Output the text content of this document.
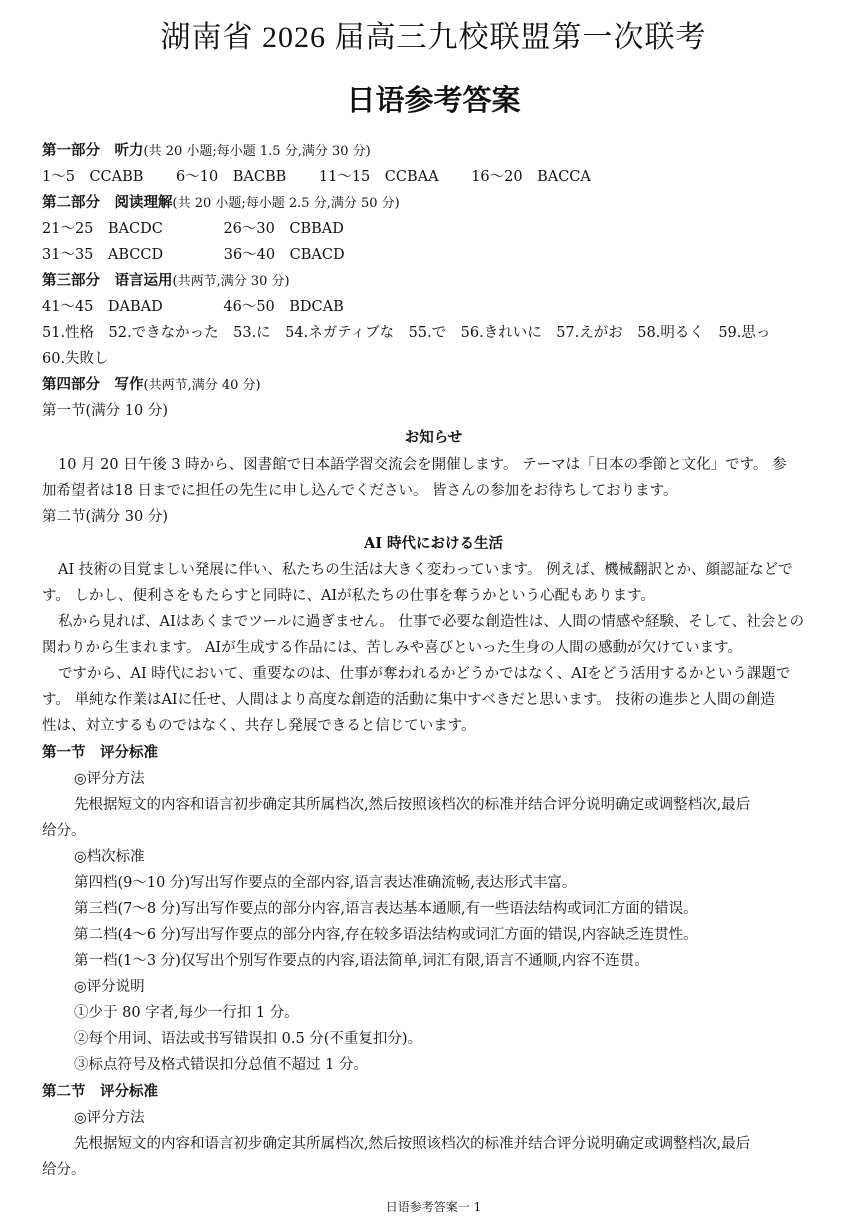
湖南省 2026 届高三九校联盟第一次联考
日语参考答案
第一部分　听力(共 20 小题;每小题 1.5 分,满分 30 分)
1～5　CCABB 6～10　BACBB 11～15　CCBAA 16～20　BACCA
第二部分　阅读理解(共 20 小题;每小题 2.5 分,满分 50 分)
21～25　BACDC	26～30　CBBAD
31～35　ABCCD	36～40　CBACD
第三部分　语言运用(共两节,满分 30 分)
41～45　DABAD	46～50　BDCAB
51.性格　52.できなかった　53.に　54.ネガティブな　55.で　56.きれいに　57.えがお　58.明るく　59.思っ
60.失敗し
第四部分　写作(共两节,满分 40 分)
第一节(满分 10 分)
お知らせ
10 月 20 日午後 3 時から、図書館で日本語学習交流会を開催します。 テーマは「日本の季節と文化」です。 参
加希望者は18 日までに担任の先生に申し込んでください。 皆さんの参加をお待ちしております。
第二节(满分 30 分)
AI 時代における生活
AI 技術の目覚ましい発展に伴い、私たちの生活は大きく変わっています。 例えば、機械翻訳とか、顔認証などで
す。 しかし、便利さをもたらすと同時に、AIが私たちの仕事を奪うかという心配もあります。
私から見れば、AIはあくまでツールに過ぎません。 仕事で必要な創造性は、人間の情感や経験、そして、社会との
関わりから生まれます。 AIが生成する作品には、苦しみや喜びといった生身の人間の感動が欠けています。
ですから、AI 時代において、重要なのは、仕事が奪われるかどうかではなく、AIをどう活用するかという課題で
す。 単純な作業はAIに任せ、人間はより高度な創造的活動に集中すべきだと思います。 技術の進歩と人間の創造
性は、対立するものではなく、共存し発展できると信じています。
第一节　评分标准
◎评分方法
先根据短文的内容和语言初步确定其所属档次,然后按照该档次的标准并结合评分说明确定或调整档次,最后
给分。
◎档次标准
第四档(9～10 分)写出写作要点的全部内容,语言表达准确流畅,表达形式丰富。
第三档(7～8 分)写出写作要点的部分内容,语言表达基本通顺,有一些语法结构或词汇方面的错误。
第二档(4～6 分)写出写作要点的部分内容,存在较多语法结构或词汇方面的错误,内容缺乏连贯性。
第一档(1～3 分)仅写出个别写作要点的内容,语法简单,词汇有限,语言不通顺,内容不连贯。
◎评分说明
①少于 80 字者,每少一行扣 1 分。
②每个用词、语法或书写错误扣 0.5 分(不重复扣分)。
③标点符号及格式错误扣分总值不超过 1 分。
第二节　评分标准
◎评分方法
先根据短文的内容和语言初步确定其所属档次,然后按照该档次的标准并结合评分说明确定或调整档次,最后
给分。
日语参考答案一 1
